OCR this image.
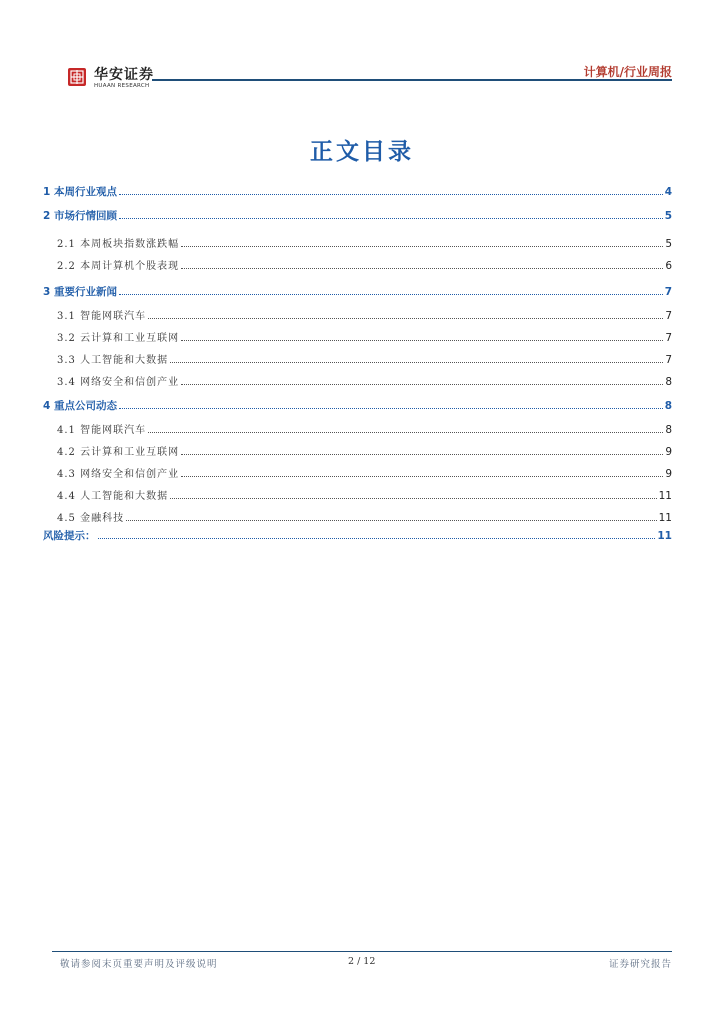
华安证券
HUAAN RESEARCH
计算机/行业周报
正文目录
1 本周行业观点	4
2 市场行情回顾	5
2.1 本周板块指数涨跌幅	5
2.2 本周计算机个股表现	6
3 重要行业新闻	7
3.1 智能网联汽车	7
3.2 云计算和工业互联网	7
3.3 人工智能和大数据	7
3.4 网络安全和信创产业	8
4 重点公司动态	8
4.1 智能网联汽车	8
4.2 云计算和工业互联网	9
4.3 网络安全和信创产业	9
4.4 人工智能和大数据	11
4.5 金融科技	11
风险提示：	11
敬请参阅末页重要声明及评级说明	2 / 12	证券研究报告
